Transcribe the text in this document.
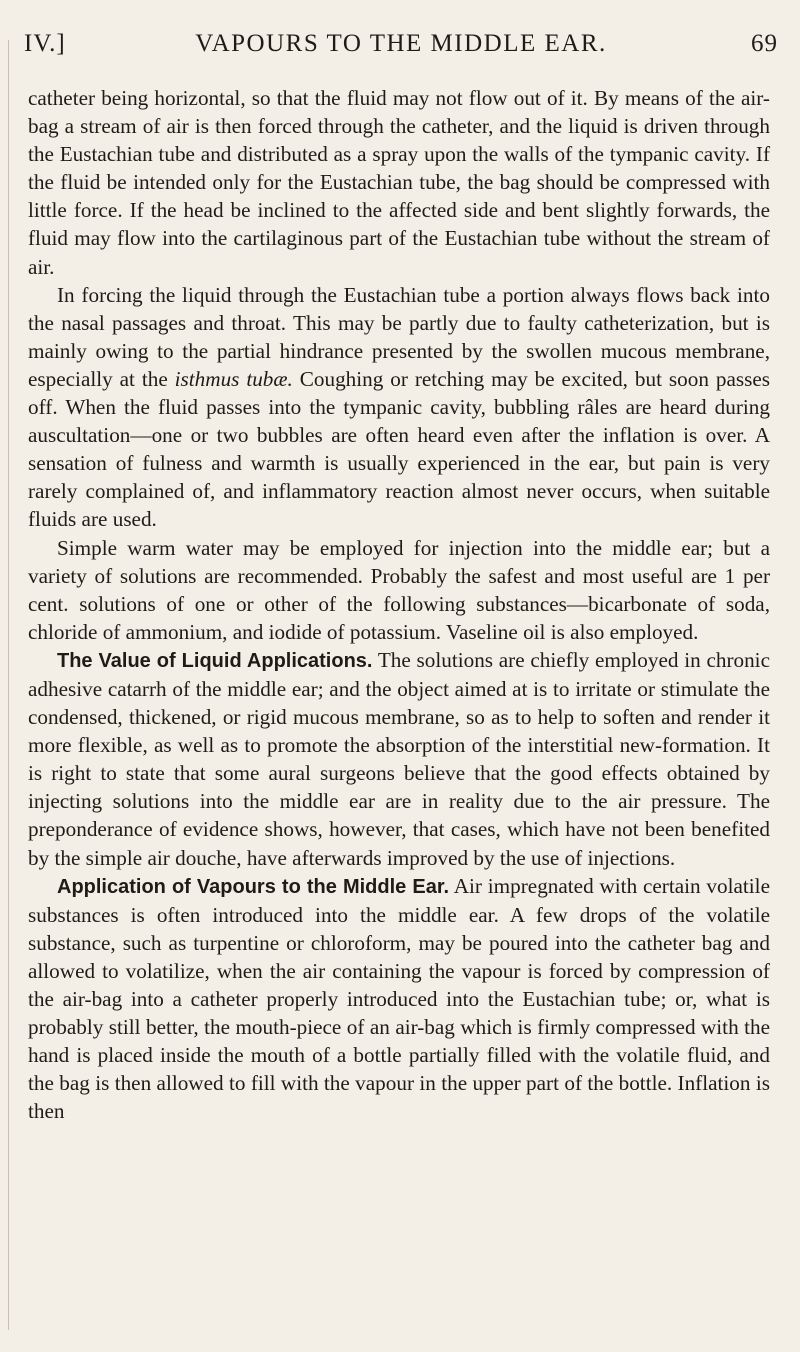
IV.]	VAPOURS TO THE MIDDLE EAR.	69

catheter being horizontal, so that the fluid may not flow out of it. By means of the air-bag a stream of air is then forced through the catheter, and the liquid is driven through the Eustachian tube and distributed as a spray upon the walls of the tympanic cavity. If the fluid be intended only for the Eustachian tube, the bag should be compressed with little force. If the head be inclined to the affected side and bent slightly forwards, the fluid may flow into the cartilaginous part of the Eustachian tube without the stream of air.

In forcing the liquid through the Eustachian tube a portion always flows back into the nasal passages and throat. This may be partly due to faulty catheterization, but is mainly owing to the partial hindrance presented by the swollen mucous membrane, especially at the isthmus tubæ. Coughing or retching may be excited, but soon passes off. When the fluid passes into the tympanic cavity, bubbling râles are heard during auscultation—one or two bubbles are often heard even after the inflation is over. A sensation of fulness and warmth is usually experienced in the ear, but pain is very rarely complained of, and inflammatory reaction almost never occurs, when suitable fluids are used.

Simple warm water may be employed for injection into the middle ear; but a variety of solutions are recommended. Probably the safest and most useful are 1 per cent. solutions of one or other of the following substances—bicarbonate of soda, chloride of ammonium, and iodide of potassium. Vaseline oil is also employed.

The Value of Liquid Applications. The solutions are chiefly employed in chronic adhesive catarrh of the middle ear; and the object aimed at is to irritate or stimulate the condensed, thickened, or rigid mucous membrane, so as to help to soften and render it more flexible, as well as to promote the absorption of the interstitial new-formation. It is right to state that some aural surgeons believe that the good effects obtained by injecting solutions into the middle ear are in reality due to the air pressure. The preponderance of evidence shows, however, that cases, which have not been benefited by the simple air douche, have afterwards improved by the use of injections.

Application of Vapours to the Middle Ear. Air impregnated with certain volatile substances is often introduced into the middle ear. A few drops of the volatile substance, such as turpentine or chloroform, may be poured into the catheter bag and allowed to volatilize, when the air containing the vapour is forced by compression of the air-bag into a catheter properly introduced into the Eustachian tube; or, what is probably still better, the mouth-piece of an air-bag which is firmly compressed with the hand is placed inside the mouth of a bottle partially filled with the volatile fluid, and the bag is then allowed to fill with the vapour in the upper part of the bottle. Inflation is then
